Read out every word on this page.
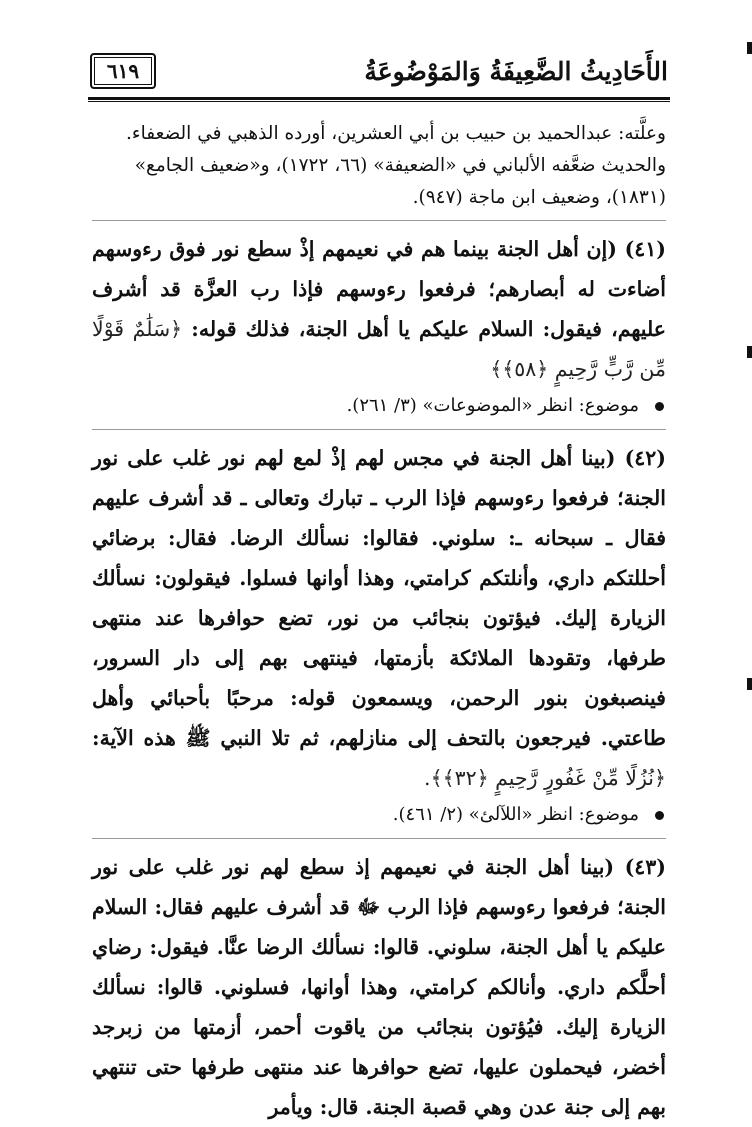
الأَحَادِيثُ الضَّعِيفَةُ وَالمَوْضُوعَةُ
٦١٩

وعلَّته: عبدالحميد بن حبيب بن أبي العشرين، أورده الذهبي في الضعفاء.

والحديث ضعَّفه الألباني في «الضعيفة» (٦٦، ١٧٢٢)، و«ضعيف الجامع»

(١٨٣١)، وضعيف ابن ماجة (٩٤٧).

(٤١) (إن أهل الجنة بينما هم في نعيمهم إذْ سطع نور فوق رءوسهم أضاءت له أبصارهم؛ فرفعوا رءوسهم فإذا رب العزَّة قد أشرف عليهم، فيقول: السلام عليكم يا أهل الجنة، فذلك قوله: ﴿سَلَٰمٌ قَوْلًا مِّن رَّبٍّ رَّحِيمٍ ﴿٥٨﴾﴾

موضوع: انظر «الموضوعات» (٣/ ٢٦١).

(٤٢) (بينا أهل الجنة في مجس لهم إذْ لمع لهم نور غلب على نور الجنة؛ فرفعوا رءوسهم فإذا الرب ـ تبارك وتعالى ـ قد أشرف عليهم فقال ـ سبحانه ـ: سلوني. فقالوا: نسألك الرضا. فقال: برضائي أحللتكم داري، وأنلتكم كرامتي، وهذا أوانها فسلوا. فيقولون: نسألك الزيارة إليك. فيؤتون بنجائب من نور، تضع حوافرها عند منتهى طرفها، وتقودها الملائكة بأزمتها، فينتهى بهم إلى دار السرور، فينصبغون بنور الرحمن، ويسمعون قوله: مرحبًا بأحبائي وأهل طاعتي. فيرجعون بالتحف إلى منازلهم، ثم تلا النبي ﷺ هذه الآية: ﴿نُزُلًا مِّنْ غَفُورٍ رَّحِيمٍ ﴿٣٢﴾﴾.

موضوع: انظر «اللآلئ» (٢/ ٤٦١).

(٤٣) (بينا أهل الجنة في نعيمهم إذ سطع لهم نور غلب على نور الجنة؛ فرفعوا رءوسهم فإذا الرب ﷻ قد أشرف عليهم فقال: السلام عليكم يا أهل الجنة، سلوني. قالوا: نسألك الرضا عنَّا. فيقول: رضاي أحلَّكم داري. وأنالكم كرامتي، وهذا أوانها، فسلوني. قالوا: نسألك الزيارة إليك. فيُؤتون بنجائب من ياقوت أحمر، أزمتها من زبرجد أخضر، فيحملون عليها، تضع حوافرها عند منتهى طرفها حتى تنتهي بهم إلى جنة عدن وهي قصبة الجنة. قال: ويأمر
